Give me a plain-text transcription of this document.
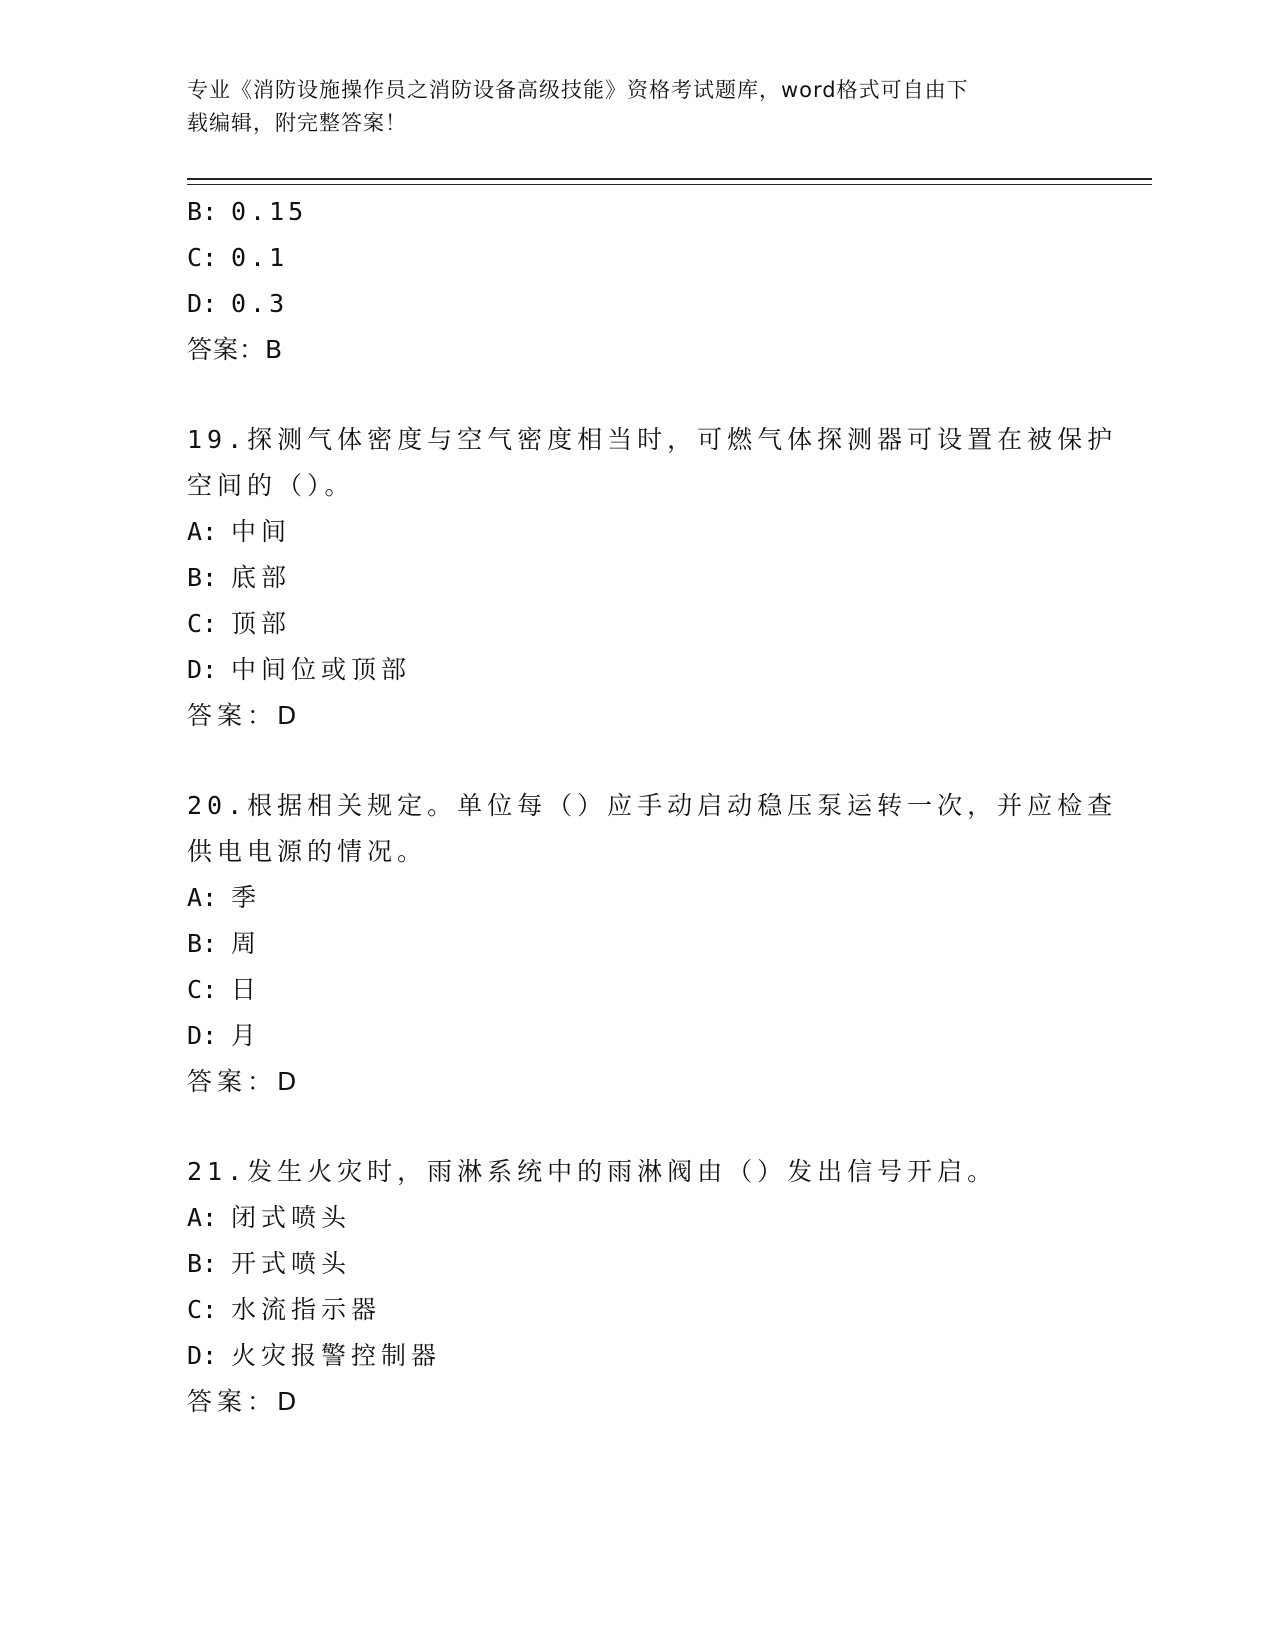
专业《消防设施操作员之消防设备高级技能》资格考试题库，word格式可自由下
载编辑，附完整答案！
B: 0.15
C: 0.1
D: 0.3
答案：B
19.探测气体密度与空气密度相当时，可燃气体探测器可设置在被保护
空间的（）。
A: 中间
B: 底部
C: 顶部
D: 中间位或顶部
答案：D
20.根据相关规定。单位每（）应手动启动稳压泵运转一次，并应检查
供电电源的情况。
A: 季
B: 周
C: 日
D: 月
答案：D
21.发生火灾时，雨淋系统中的雨淋阀由（）发出信号开启。
A: 闭式喷头
B: 开式喷头
C: 水流指示器
D: 火灾报警控制器
答案：D
